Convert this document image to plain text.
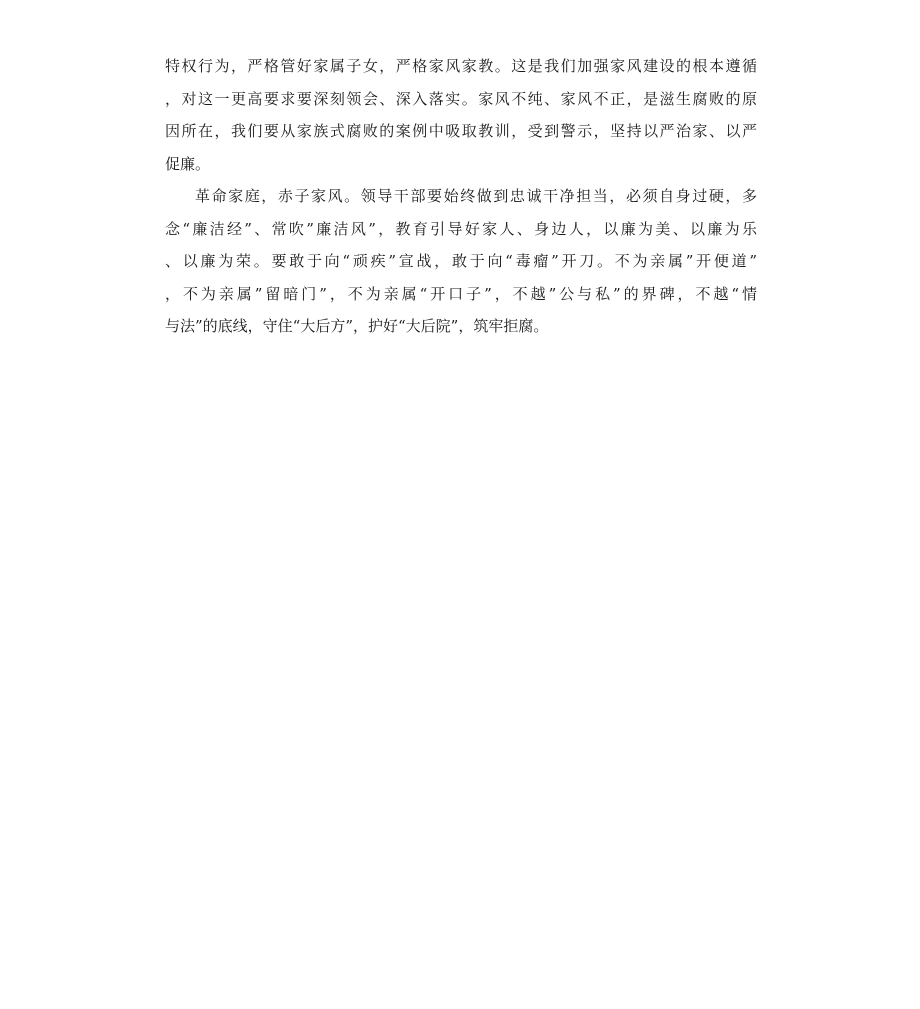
特权行为，严格管好家属子女，严格家风家教。这是我们加强家风建设的根本遵循
，对这一更高要求要深刻领会、深入落实。家风不纯、家风不正，是滋生腐败的原
因所在，我们要从家族式腐败的案例中吸取教训，受到警示，坚持以严治家、以严
促廉。
革命家庭，赤子家风。领导干部要始终做到忠诚干净担当，必须自身过硬，多
念“廉洁经”、常吹”廉洁风”，教育引导好家人、身边人，以廉为美、以廉为乐
、以廉为荣。要敢于向“顽疾”宣战，敢于向“毒瘤”开刀。不为亲属”开便道”
，不为亲属”留暗门”，不为亲属“开口子”，不越”公与私”的界碑，不越“情
与法”的底线，守住“大后方”，护好“大后院”，筑牢拒腐。
